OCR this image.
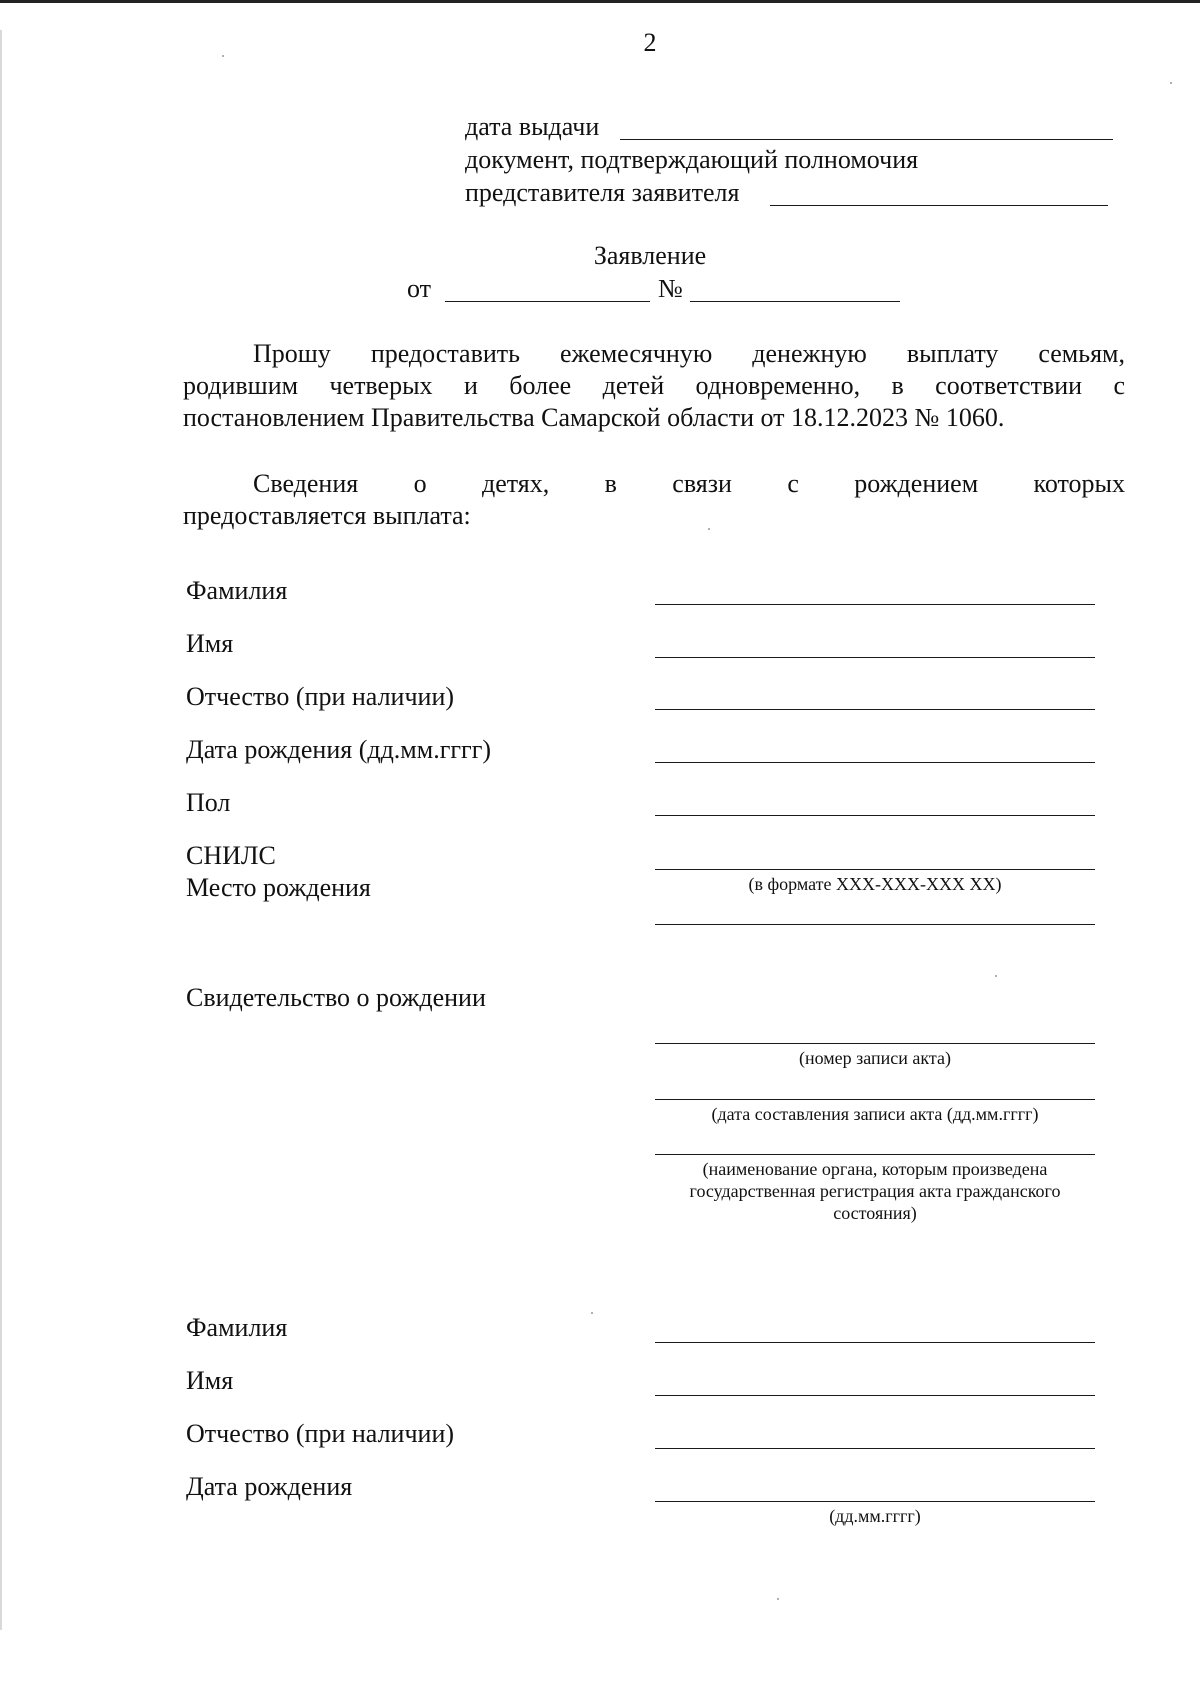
2
дата выдачи
документ, подтверждающий полномочия
представителя заявителя
Заявление
от	№
Прошу предоставить ежемесячную денежную выплату семьям,
родившим четверых и более детей одновременно, в соответствии с
постановлением Правительства Самарской области от 18.12.2023 № 1060.
Сведения о детях, в связи с рождением которых
предоставляется выплата:
Фамилия
Имя
Отчество (при наличии)
Дата рождения (дд.мм.гггг)
Пол
СНИЛС
(в формате XXX-XXX-XXX XX)
Место рождения
Свидетельство о рождении
(номер записи акта)
(дата составления записи акта (дд.мм.гггг)
(наименование органа, которым произведена государственная регистрация акта гражданского состояния)
Фамилия
Имя
Отчество (при наличии)
Дата рождения
(дд.мм.гггг)
